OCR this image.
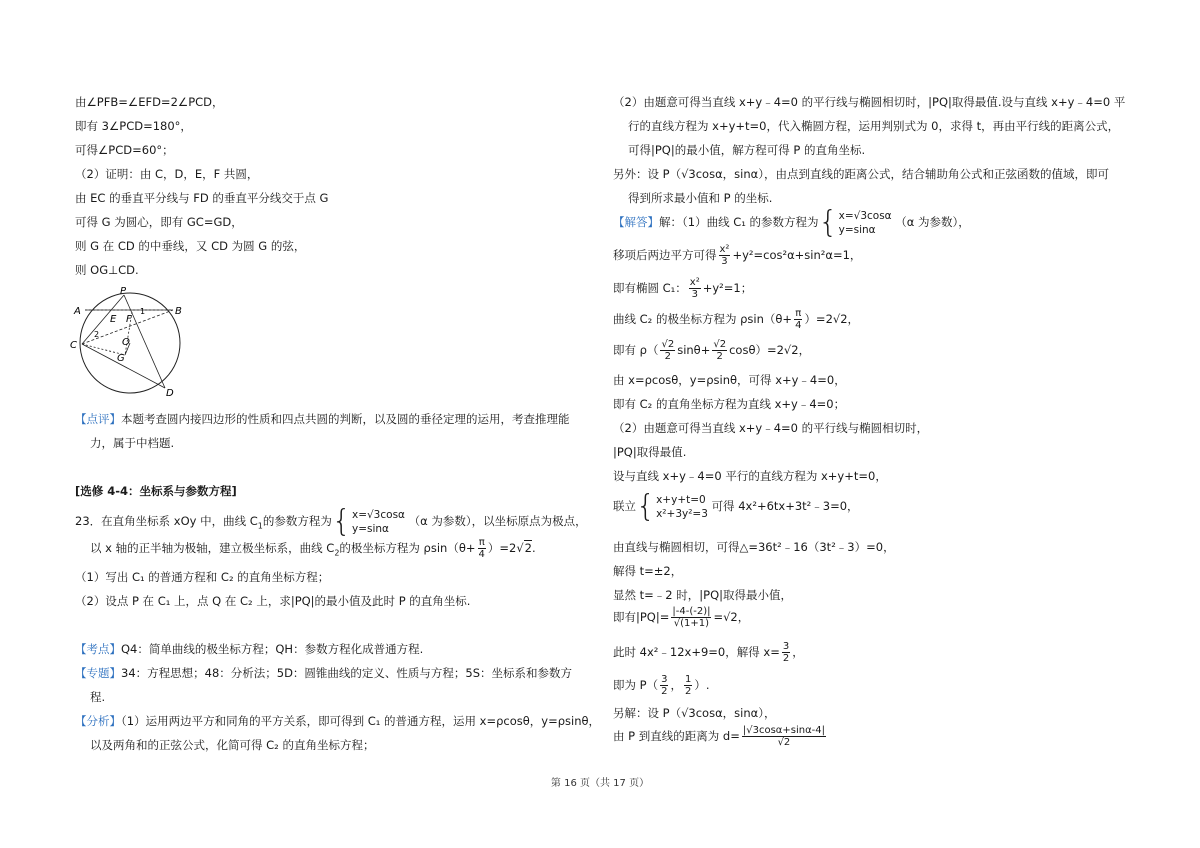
由∠PFB=∠EFD=2∠PCD，
即有 3∠PCD=180°，
可得∠PCD=60°；
（2）证明：由 C，D，E，F 共圆，
由 EC 的垂直平分线与 FD 的垂直平分线交于点 G
可得 G 为圆心，即有 GC=GD，
则 G 在 CD 的中垂线，又 CD 为圆 G 的弦，
则 OG⊥CD.
P
A	B
E F
C	O
G
D
1
2
【点评】本题考查圆内接四边形的性质和四点共圆的判断，以及圆的垂径定理的运用，考查推理能
力，属于中档题.
[选修 4-4：坐标系与参数方程]
23．在直角坐标系 xOy 中，曲线 $C_1$的参数方程为{x=√3cosα
y=sinα （α 为参数），以坐标原点为极点，
以 x 轴的正半轴为极轴，建立极坐标系，曲线 $C_2$的极坐标方程为 $\rho\sin(\theta+ \frac{\pi}{4} )=2√2$.
（1）写出 C₁ 的普通方程和 C₂ 的直角坐标方程；
（2）设点 P 在 C₁ 上，点 Q 在 C₂ 上，求|PQ|的最小值及此时 P 的直角坐标.
【考点】Q4：简单曲线的极坐标方程；QH：参数方程化成普通方程.
【专题】34：方程思想；48：分析法；5D：圆锥曲线的定义、性质与方程；5S：坐标系和参数方
程.
【分析】（1）运用两边平方和同角的平方关系，即可得到 C₁ 的普通方程，运用 x=ρcosθ，y=ρsinθ，
以及两角和的正弦公式，化简可得 C₂ 的直角坐标方程；
（2）由题意可得当直线 x+y﹣4=0 的平行线与椭圆相切时，|PQ|取得最值.设与直线 x+y﹣4=0 平
行的直线方程为 x+y+t=0，代入椭圆方程，运用判别式为 0，求得 t，再由平行线的距离公式，
可得|PQ|的最小值，解方程可得 P 的直角坐标.
另外：设 P（√3cosα，sinα），由点到直线的距离公式，结合辅助角公式和正弦函数的值域，即可
得到所求最小值和 P 的坐标.
【解答】解：（1）曲线 C₁ 的参数方程为{x=√3cosα
y=sinα （α 为参数），
移项后两边平方可得 $\frac{\text{x²}}{3} +y^2=\cos^2\alpha+\sin^2\alpha=1$，
即有椭圆 C₁： $\frac{\text{x²}}{3} +y^2=1$；
曲线 C₂ 的极坐标方程为 $\rho\sin(\theta+ \frac{\pi}{4} )=2√2$，
即有 $\rho( \frac{√2}{2} \sin\theta+ \frac{√2}{2} \cos\theta)=2√2$，
由 x=ρcosθ，y=ρsinθ，可得 x+y﹣4=0，
即有 C₂ 的直角坐标方程为直线 x+y﹣4=0；
（2）由题意可得当直线 x+y﹣4=0 的平行线与椭圆相切时，
|PQ|取得最值.
设与直线 x+y﹣4=0 平行的直线方程为 x+y+t=0，
联立{x+y+t=0
x²+3y²=3 可得 4x²+6tx+3t²﹣3=0，
由直线与椭圆相切，可得△=36t²﹣16（3t²﹣3）=0，
解得 t=±2，
显然 t=﹣2 时，|PQ|取得最小值，
即有$|PQ|= \frac{|-4-(-2)|}{√(1+1)} =√2$，
此时 4x²﹣12x+9=0，解得 $x= \frac{3}{2}$ ，
即为 $P( \frac{3}{2}$ ， $\frac{1}{2}$ ）.
另解：设 P（√3cosα，sinα），
由 P 到直线的距离为 $d= \frac{|√3\cos\alpha+\sin\alpha-4|}{√2}$
第 16 页（共 17 页）
